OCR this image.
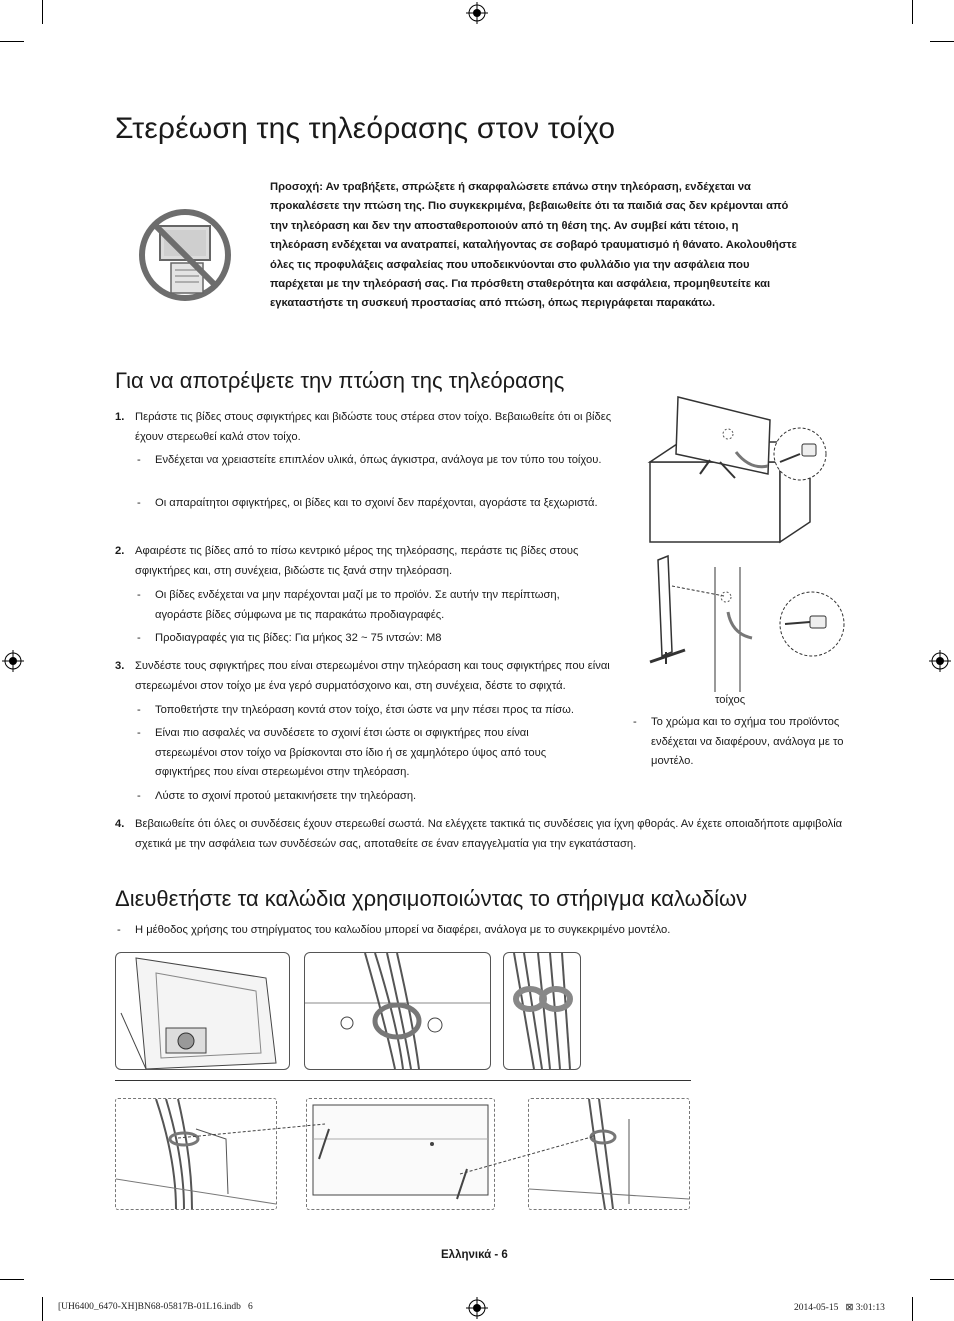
Στερέωση της τηλεόρασης στον τοίχο
Προσοχή: Αν τραβήξετε, σπρώξετε ή σκαρφαλώσετε επάνω στην τηλεόραση, ενδέχεται να προκαλέσετε την πτώση της. Πιο συγκεκριμένα, βεβαιωθείτε ότι τα παιδιά σας δεν κρέμονται από την τηλεόραση και δεν την αποσταθεροποιούν από τη θέση της. Αν συμβεί κάτι τέτοιο, η τηλεόραση ενδέχεται να ανατραπεί, καταλήγοντας σε σοβαρό τραυματισμό ή θάνατο. Ακολουθήστε όλες τις προφυλάξεις ασφαλείας που υποδεικνύονται στο φυλλάδιο για την ασφάλεια που παρέχεται με την τηλεόρασή σας. Για πρόσθετη σταθερότητα και ασφάλεια, προμηθευτείτε και εγκαταστήστε τη συσκευή προστασίας από πτώση, όπως περιγράφεται παρακάτω.
Για να αποτρέψετε την πτώση της τηλεόρασης
1. Περάστε τις βίδες στους σφιγκτήρες και βιδώστε τους στέρεα στον τοίχο. Βεβαιωθείτε ότι οι βίδες έχουν στερεωθεί καλά στον τοίχο.
- Ενδέχεται να χρειαστείτε επιπλέον υλικά, όπως άγκιστρα, ανάλογα με τον τύπο του τοίχου.
- Οι απαραίτητοι σφιγκτήρες, οι βίδες και το σχοινί δεν παρέχονται, αγοράστε τα ξεχωριστά.
2. Αφαιρέστε τις βίδες από το πίσω κεντρικό μέρος της τηλεόρασης, περάστε τις βίδες στους σφιγκτήρες και, στη συνέχεια, βιδώστε τις ξανά στην τηλεόραση.
- Οι βίδες ενδέχεται να μην παρέχονται μαζί με το προϊόν. Σε αυτήν την περίπτωση, αγοράστε βίδες σύμφωνα με τις παρακάτω προδιαγραφές.
- Προδιαγραφές για τις βίδες: Για μήκος 32 ~ 75 ιντσών: M8
3. Συνδέστε τους σφιγκτήρες που είναι στερεωμένοι στην τηλεόραση και τους σφιγκτήρες που είναι στερεωμένοι στον τοίχο με ένα γερό συρματόσχοινο και, στη συνέχεια, δέστε το σφιχτά.
- Τοποθετήστε την τηλεόραση κοντά στον τοίχο, έτσι ώστε να μην πέσει προς τα πίσω.
- Είναι πιο ασφαλές να συνδέσετε το σχοινί έτσι ώστε οι σφιγκτήρες που είναι στερεωμένοι στον τοίχο να βρίσκονται στο ίδιο ή σε χαμηλότερο ύψος από τους σφιγκτήρες που είναι στερεωμένοι στην τηλεόραση.
- Λύστε το σχοινί προτού μετακινήσετε την τηλεόραση.
4. Βεβαιωθείτε ότι όλες οι συνδέσεις έχουν στερεωθεί σωστά. Να ελέγχετε τακτικά τις συνδέσεις για ίχνη φθοράς. Αν έχετε οποιαδήποτε αμφιβολία σχετικά με την ασφάλεια των συνδέσεών σας, αποταθείτε σε έναν επαγγελματία για την εγκατάσταση.
τοίχος
- Το χρώμα και το σχήμα του προϊόντος ενδέχεται να διαφέρουν, ανάλογα με το μοντέλο.
Διευθετήστε τα καλώδια χρησιμοποιώντας το στήριγμα καλωδίων
- Η μέθοδος χρήσης του στηρίγματος του καλωδίου μπορεί να διαφέρει, ανάλογα με το συγκεκριμένο μοντέλο.
Ελληνικά - 6
[UH6400_6470-XH]BN68-05817B-01L16.indb   6	2014-05-15   ⊠ 3:01:13
